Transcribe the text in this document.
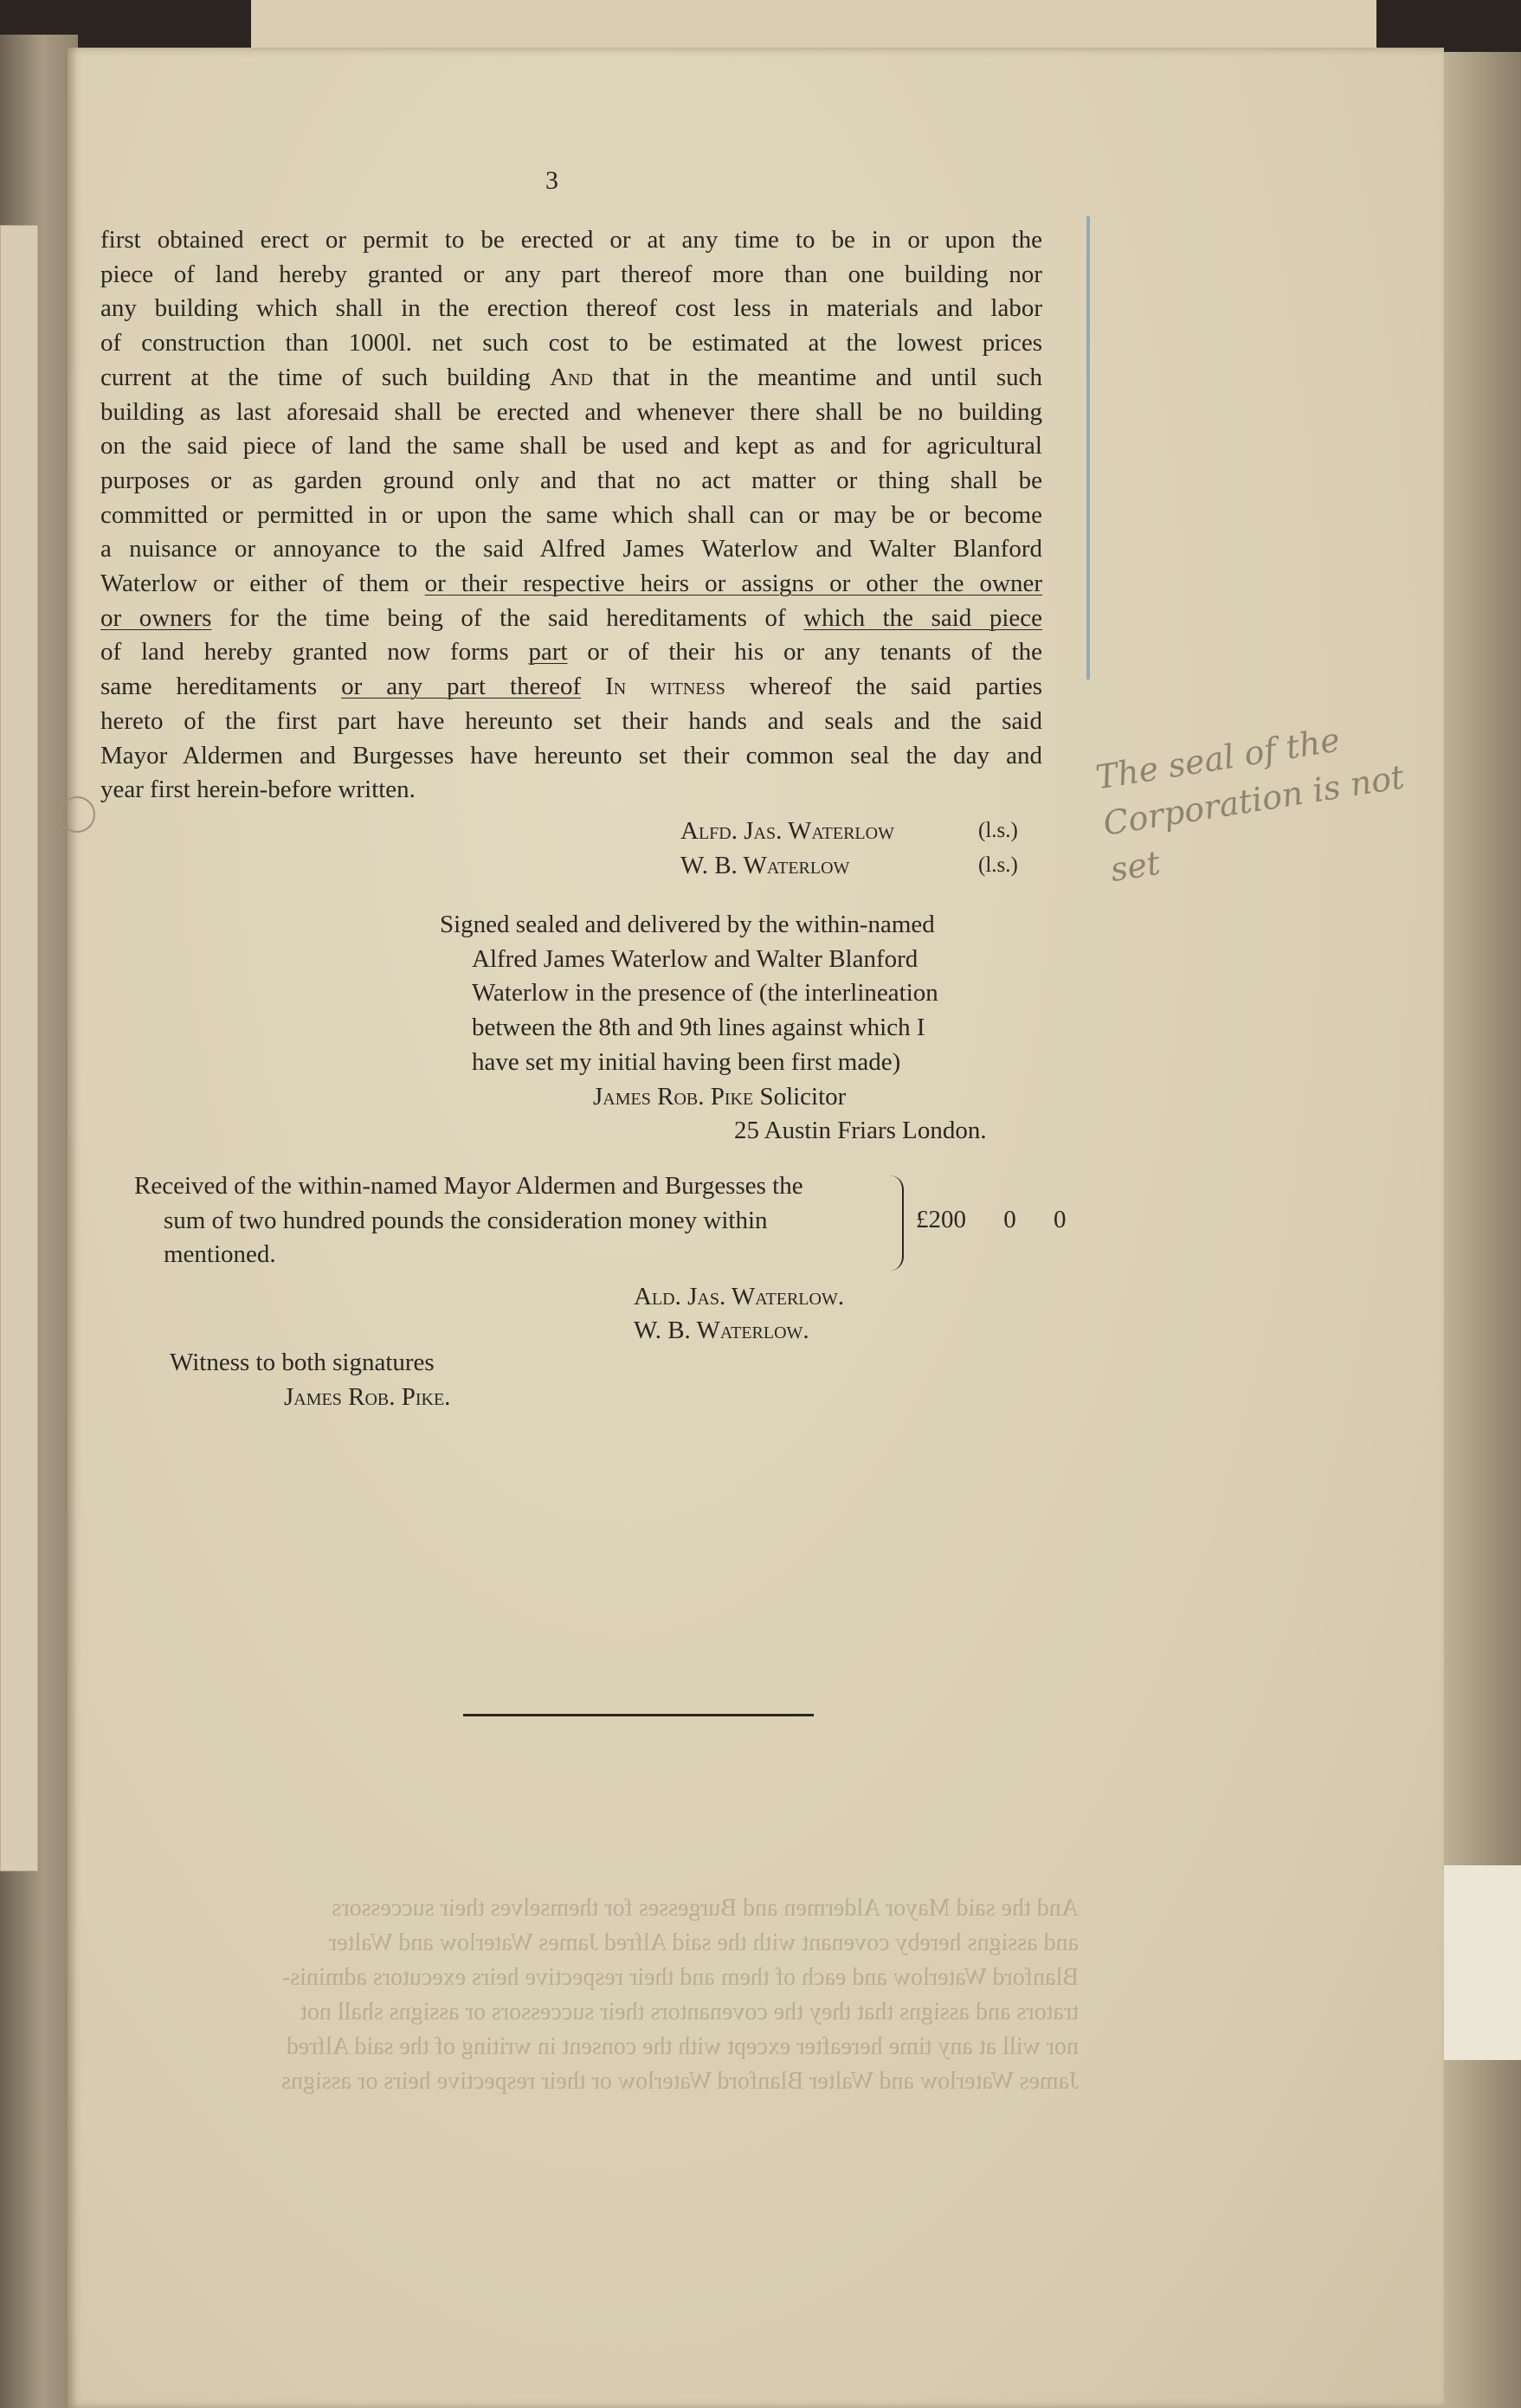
3
first obtained erect or permit to be erected or at any time to be in or upon the
piece of land hereby granted or any part thereof more than one building nor
any building which shall in the erection thereof cost less in materials and labor
of construction than 1000l. net such cost to be estimated at the lowest prices
current at the time of such building And that in the meantime and until such
building as last aforesaid shall be erected and whenever there shall be no building
on the said piece of land the same shall be used and kept as and for agricultural
purposes or as garden ground only and that no act matter or thing shall be
committed or permitted in or upon the same which shall can or may be or become
a nuisance or annoyance to the said Alfred James Waterlow and Walter Blanford
Waterlow or either of them or their respective heirs or assigns or other the owner
or owners for the time being of the said hereditaments of which the said piece
of land hereby granted now forms part or of their his or any tenants of the
same hereditaments or any part thereof In witness whereof the said parties
hereto of the first part have hereunto set their hands and seals and the said
Mayor Aldermen and Burgesses have hereunto set their common seal the day and
year first herein-before written.
Alfd. Jas. Waterlow	(l.s.)
W. B. Waterlow	(l.s.)
Signed sealed and delivered by the within-named
Alfred James Waterlow and Walter Blanford
Waterlow in the presence of (the interlineation
between the 8th and 9th lines against which I
have set my initial having been first made)
James Rob. Pike Solicitor
25 Austin Friars London.
Received of the within-named Mayor Aldermen and Burgesses the
sum of two hundred pounds the consideration money within
mentioned.
£200 0 0
Ald. Jas. Waterlow.
W. B. Waterlow.
Witness to both signatures
James Rob. Pike.
The seal of the Corporation is not set
And the said Mayor Aldermen and Burgesses for themselves their successors
and assigns hereby covenant with the said Alfred James Waterlow and Walter
Blanford Waterlow and each of them and their respective heirs executors adminis-
trators and assigns that they the covenantors their successors or assigns shall not
nor will at any time hereafter except with the consent in writing of the said Alfred
James Waterlow and Walter Blanford Waterlow or their respective heirs or assigns
